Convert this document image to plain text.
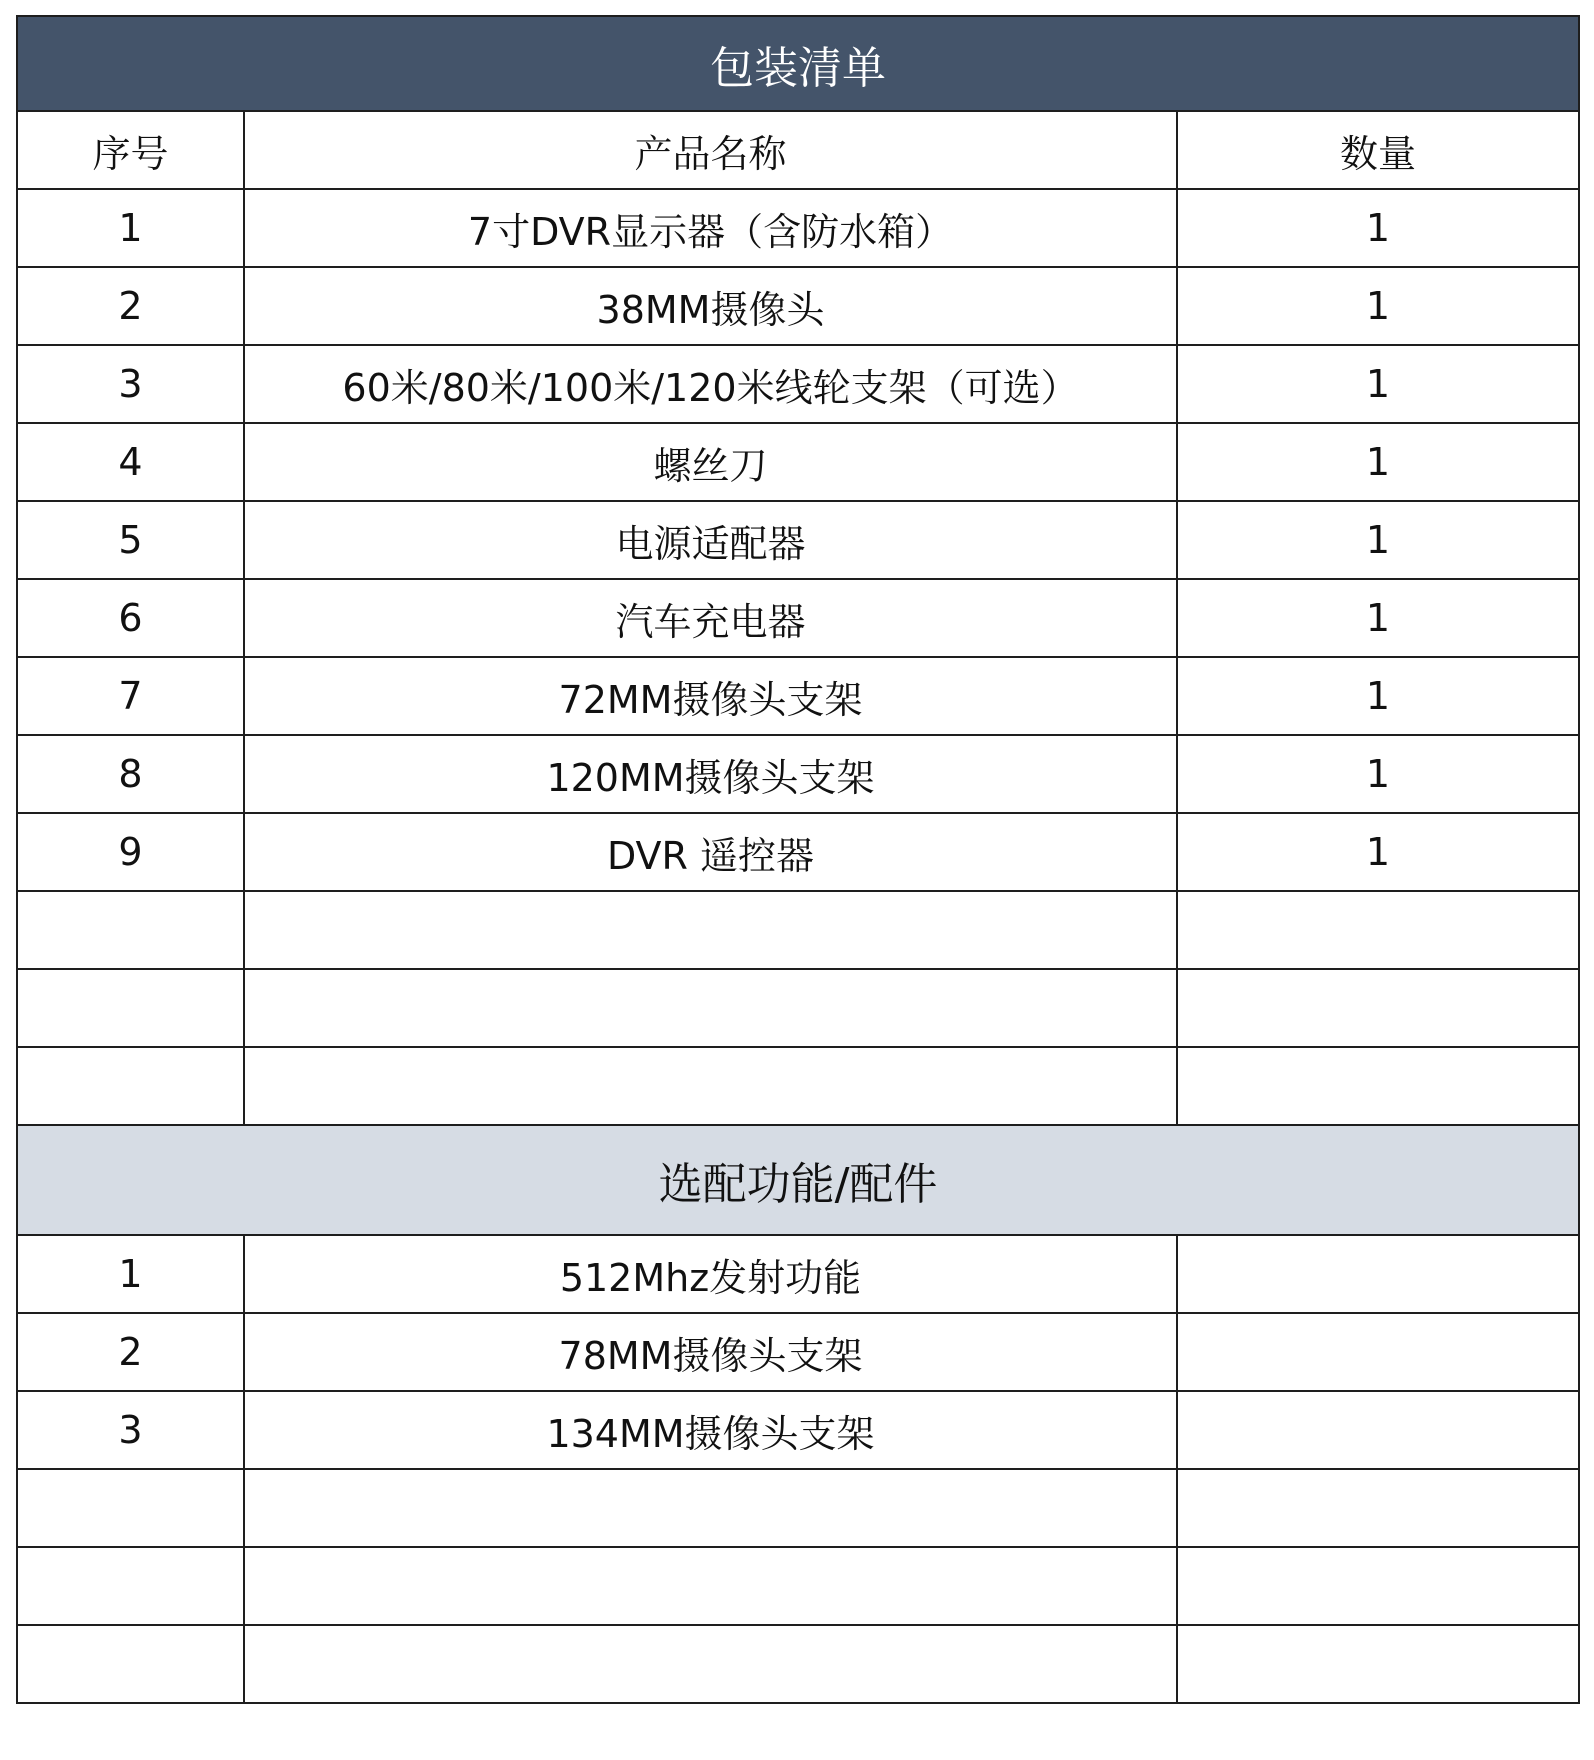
包装清单		
序号	产品名称	数量
1	7寸DVR显示器（含防水箱）	1
2	38MM摄像头	1
3	60米/80米/100米/120米线轮支架（可选）	1
4	螺丝刀	1
5	电源适配器	1
6	汽车充电器	1
7	72MM摄像头支架	1
8	120MM摄像头支架	1
9	DVR 遥控器	1

选配功能/配件		
1	512Mhz发射功能	
2	78MM摄像头支架	
3	134MM摄像头支架	
